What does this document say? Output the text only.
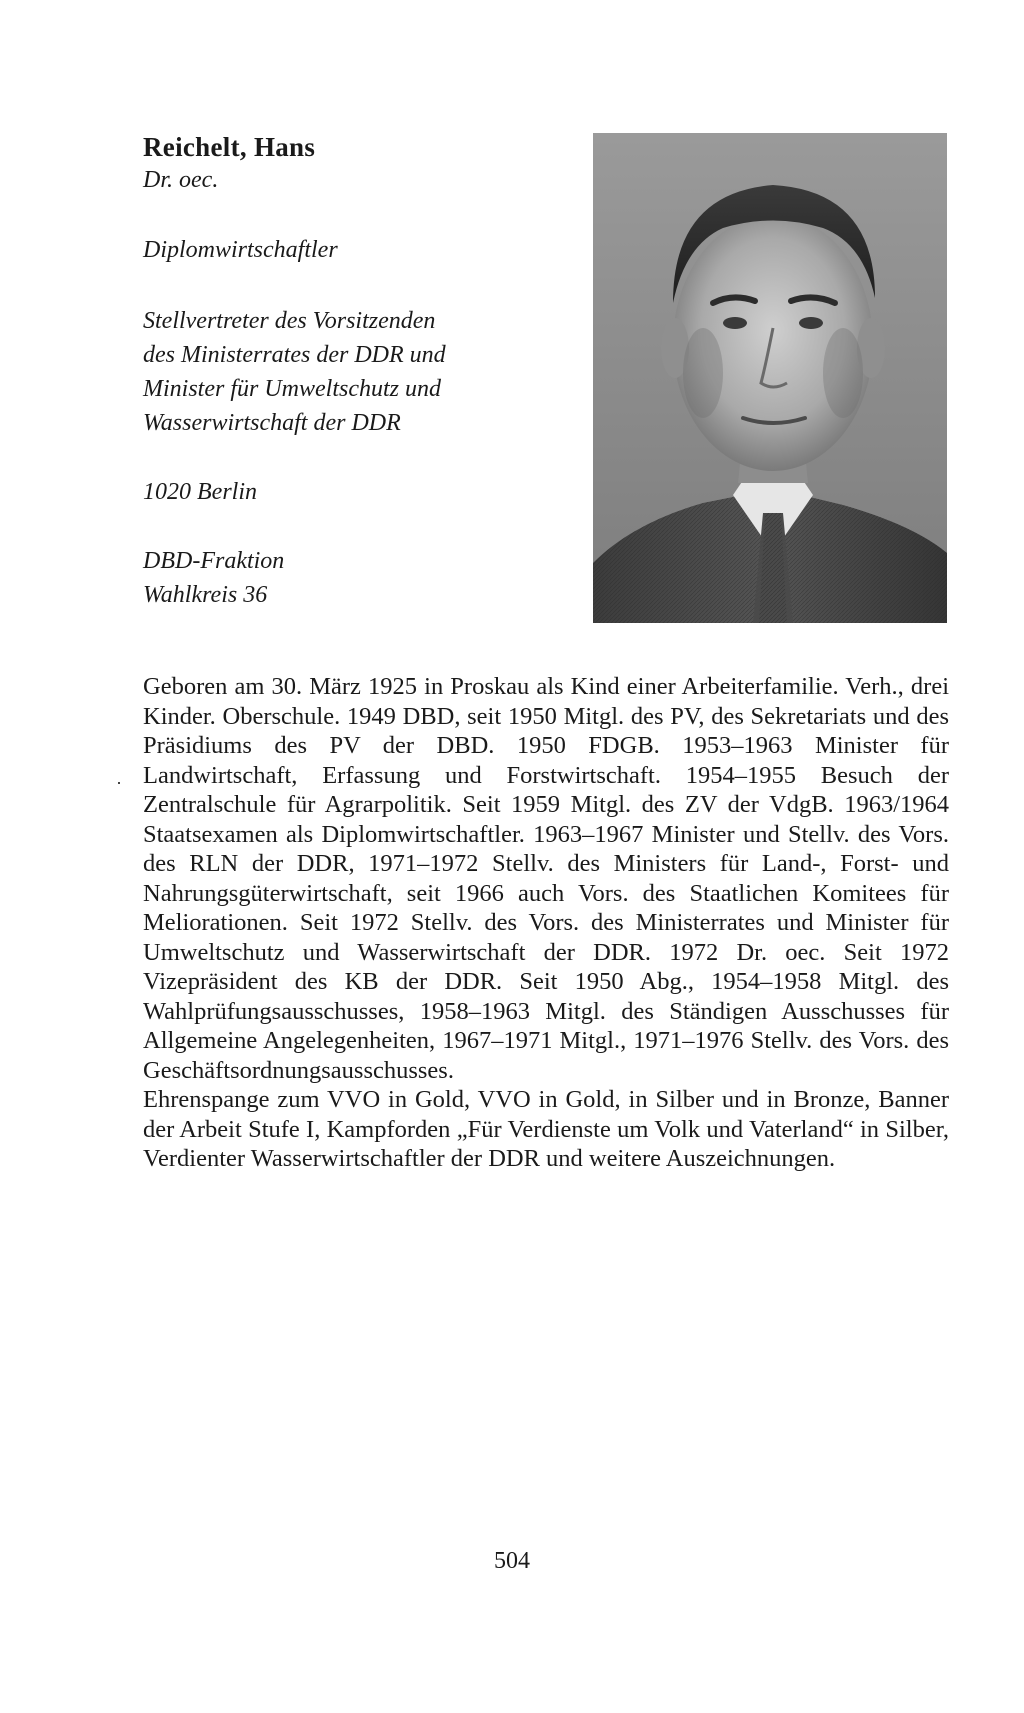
Reichelt, Hans
Dr. oec.
Diplomwirtschaftler
Stellvertreter des Vorsitzenden
des Ministerrates der DDR und
Minister für Umweltschutz und
Wasserwirtschaft der DDR
1020 Berlin
DBD-Fraktion
Wahlkreis 36

Geboren am 30. März 1925 in Proskau als Kind einer Arbeiterfamilie. Verh., drei Kinder. Oberschule. 1949 DBD, seit 1950 Mitgl. des PV, des Sekretariats und des Präsidiums des PV der DBD. 1950 FDGB. 1953–1963 Minister für Landwirtschaft, Erfassung und Forstwirtschaft. 1954–1955 Besuch der Zentralschule für Agrarpolitik. Seit 1959 Mitgl. des ZV der VdgB. 1963/1964 Staatsexamen als Diplomwirtschaftler. 1963–1967 Minister und Stellv. des Vors. des RLN der DDR, 1971–1972 Stellv. des Ministers für Land-, Forst- und Nahrungsgüterwirtschaft, seit 1966 auch Vors. des Staatlichen Komitees für Meliorationen. Seit 1972 Stellv. des Vors. des Ministerrates und Minister für Umweltschutz und Wasserwirtschaft der DDR. 1972 Dr. oec. Seit 1972 Vizepräsident des KB der DDR. Seit 1950 Abg., 1954–1958 Mitgl. des Wahlprüfungsausschusses, 1958–1963 Mitgl. des Ständigen Ausschusses für Allgemeine Angelegenheiten, 1967–1971 Mitgl., 1971–1976 Stellv. des Vors. des Geschäftsordnungsausschusses.

Ehrenspange zum VVO in Gold, VVO in Gold, in Silber und in Bronze, Banner der Arbeit Stufe I, Kampforden „Für Verdienste um Volk und Vaterland“ in Silber, Verdienter Wasserwirtschaftler der DDR und weitere Auszeichnungen.

504
